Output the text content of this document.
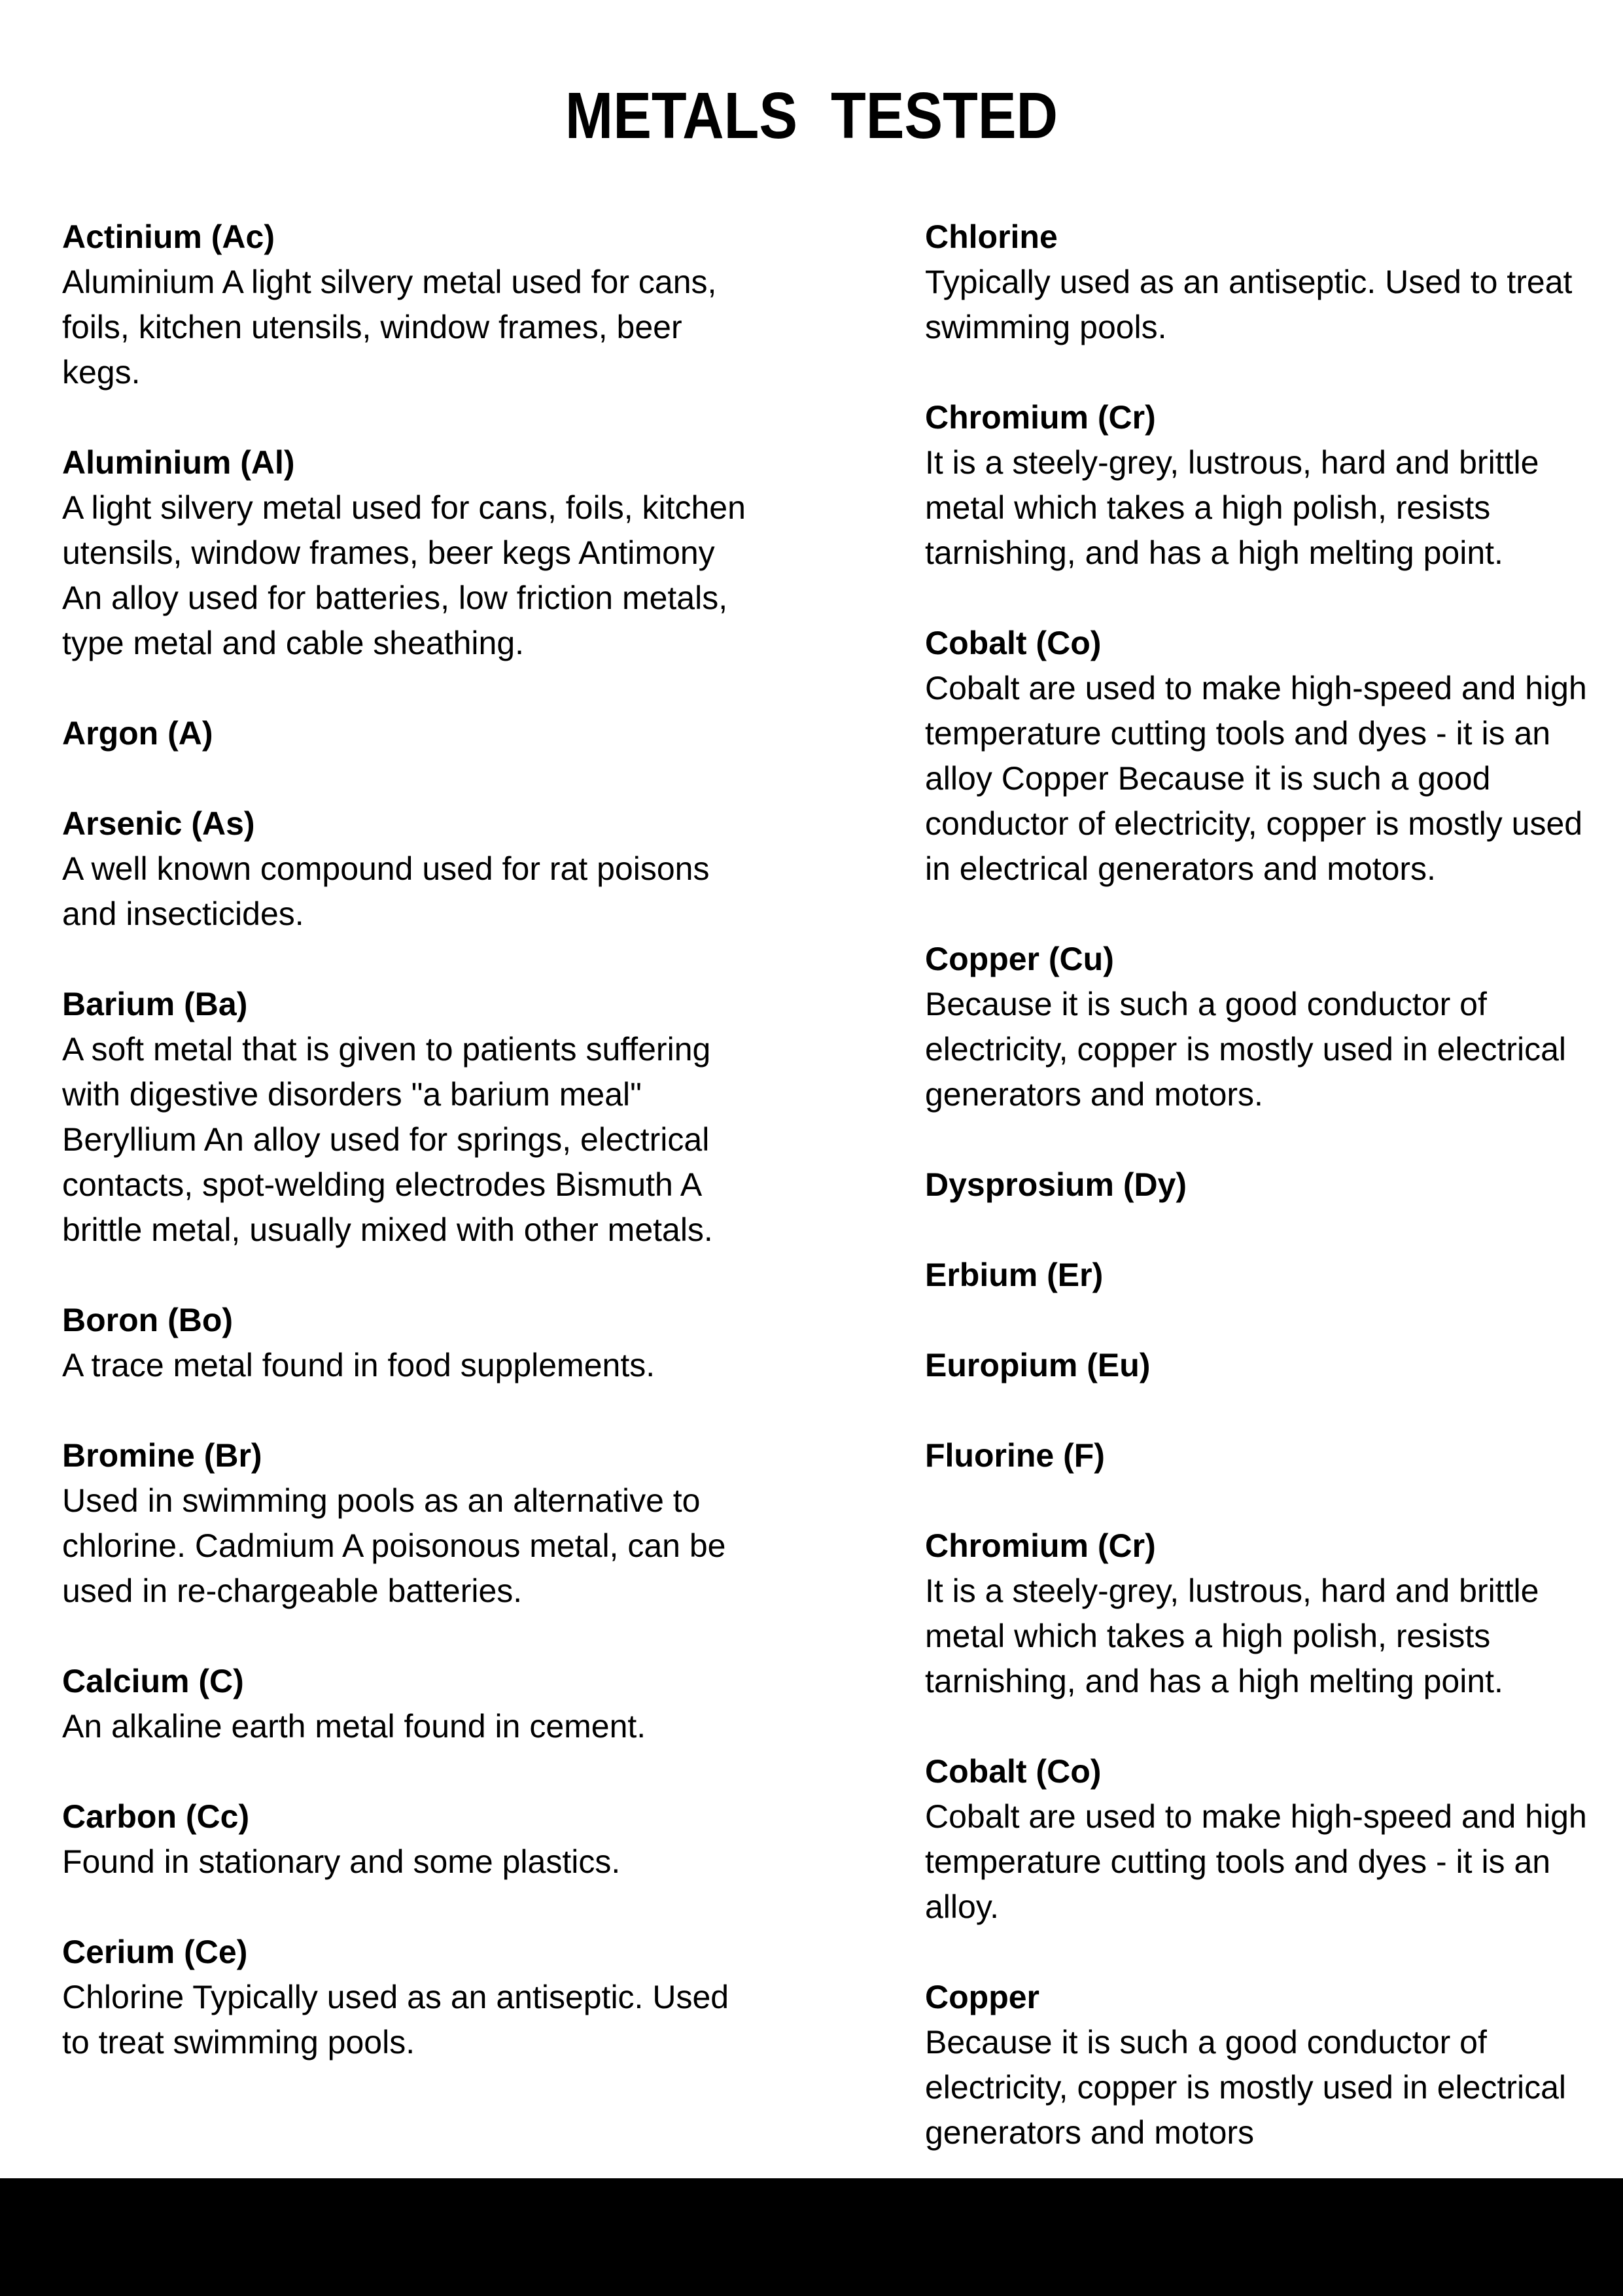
METALS TESTED
Actinium (Ac)

Aluminium A light silvery metal used for cans, foils, kitchen utensils, window frames, beer kegs.

Aluminium (Al)

A light silvery metal used for cans, foils, kitchen utensils, window frames, beer kegs Antimony An alloy used for batteries, low friction metals, type metal and cable sheathing.

Argon (A)
Arsenic (As)

A well known compound used for rat poisons and insecticides.

Barium (Ba)

A soft metal that is given to patients suffering with digestive disorders "a barium meal" Beryllium An alloy used for springs, electrical contacts, spot-welding electrodes Bismuth A brittle metal, usually mixed with other metals.

Boron (Bo)

A trace metal found in food supplements.

Bromine (Br)

Used in swimming pools as an alternative to chlorine. Cadmium A poisonous metal, can be used in re-chargeable batteries.

Calcium (C)

An alkaline earth metal found in cement.

Carbon (Cc)

Found in stationary and some plastics.

Cerium (Ce)

Chlorine Typically used as an antiseptic. Used to treat swimming pools.

Chlorine

Typically used as an antiseptic. Used to treat swimming pools.

Chromium (Cr)

It is a steely-grey, lustrous, hard and brittle metal which takes a high polish, resists tarnishing, and has a high melting point.

Cobalt (Co)

Cobalt are used to make high-speed and high temperature cutting tools and dyes - it is an alloy Copper Because it is such a good conductor of electricity, copper is mostly used in electrical generators and motors.

Copper (Cu)

Because it is such a good conductor of electricity, copper is mostly used in electrical generators and motors.

Dysprosium (Dy)
Erbium (Er)
Europium (Eu)
Fluorine (F)
Chromium (Cr)

It is a steely-grey, lustrous, hard and brittle metal which takes a high polish, resists tarnishing, and has a high melting point.

Cobalt (Co)

Cobalt are used to make high-speed and high temperature cutting tools and dyes - it is an alloy.

Copper

Because it is such a good conductor of electricity, copper is mostly used in electrical generators and motors
